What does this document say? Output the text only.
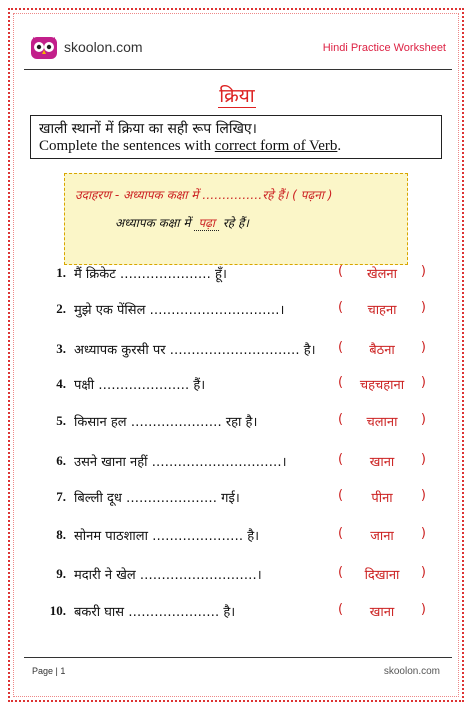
skoolon.com	Hindi Practice Worksheet
क्रिया
खाली स्थानों में क्रिया का सही रूप लिखिए।
Complete the sentences with correct form of Verb.
उदाहरण - अध्यापक कक्षा में ……………रहे हैं। ( पढ़ना )
अध्यापक कक्षा में पढ़ा रहे हैं।
1. मैं क्रिकेट ………………… हूँ।	(	खेलना	)
2. मुझे एक पेंसिल …………………………।	(	चाहना	)
3. अध्यापक कुरसी पर ………………………… है। (	बैठना	)
4. पक्षी ………………… हैं।	(	चहचहाना	)
5. किसान हल ………………… रहा है।	(	चलाना	)
6. उसने खाना नहीं …………………………।	(	खाना	)
7. बिल्ली दूध ………………… गई।	(	पीना	)
8. सोनम पाठशाला ………………… है।	(	जाना	)
9. मदारी ने खेल ………………………।	(	दिखाना	)
10. बकरी घास ………………… है।	(	खाना	)
Page | 1	skoolon.com
